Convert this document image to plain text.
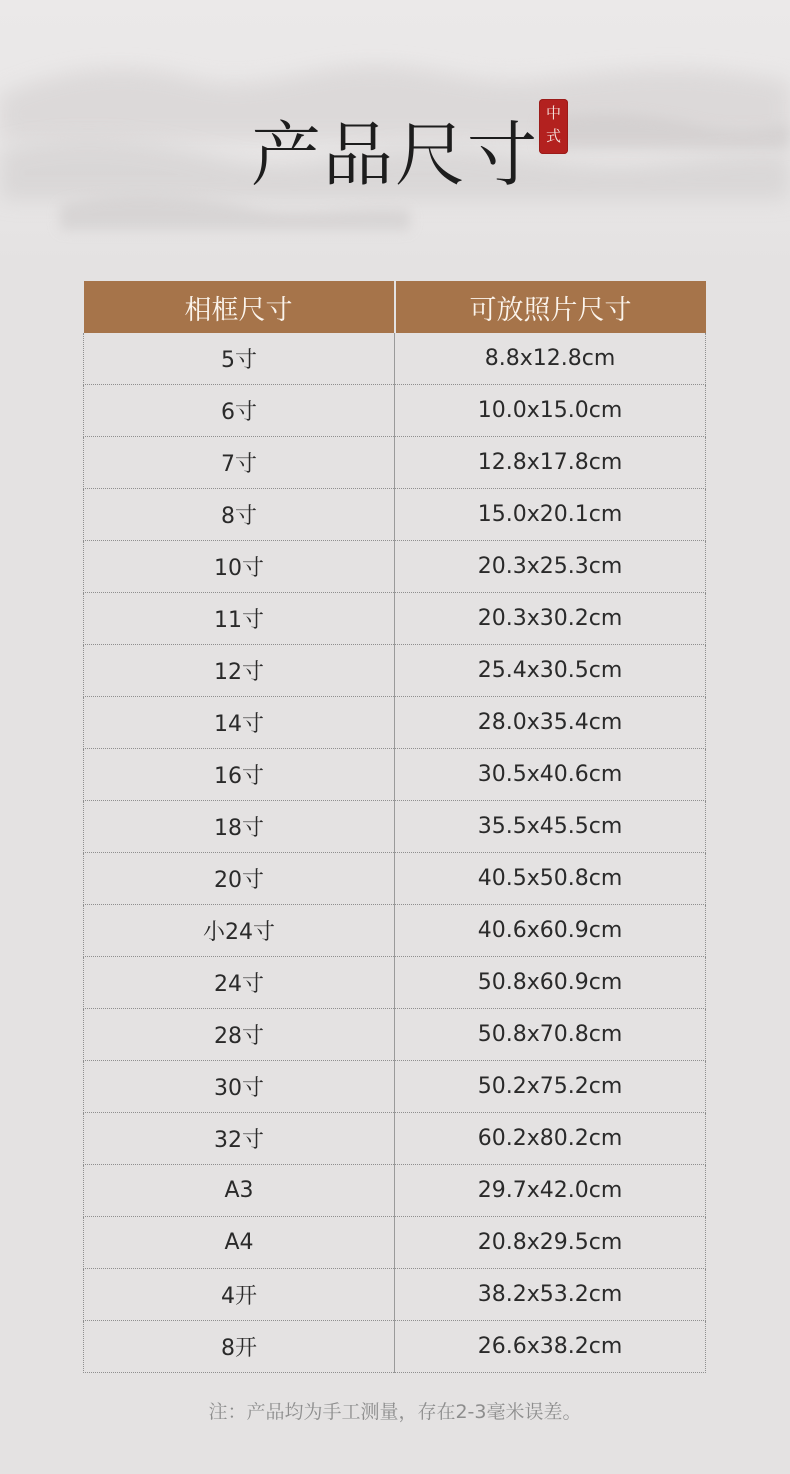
产品尺寸
中
式
相框尺寸	可放照片尺寸
5寸	8.8x12.8cm
6寸	10.0x15.0cm
7寸	12.8x17.8cm
8寸	15.0x20.1cm
10寸	20.3x25.3cm
11寸	20.3x30.2cm
12寸	25.4x30.5cm
14寸	28.0x35.4cm
16寸	30.5x40.6cm
18寸	35.5x45.5cm
20寸	40.5x50.8cm
小24寸	40.6x60.9cm
24寸	50.8x60.9cm
28寸	50.8x70.8cm
30寸	50.2x75.2cm
32寸	60.2x80.2cm
A3	29.7x42.0cm
A4	20.8x29.5cm
4开	38.2x53.2cm
8开	26.6x38.2cm
注：产品均为手工测量，存在2-3毫米误差。
